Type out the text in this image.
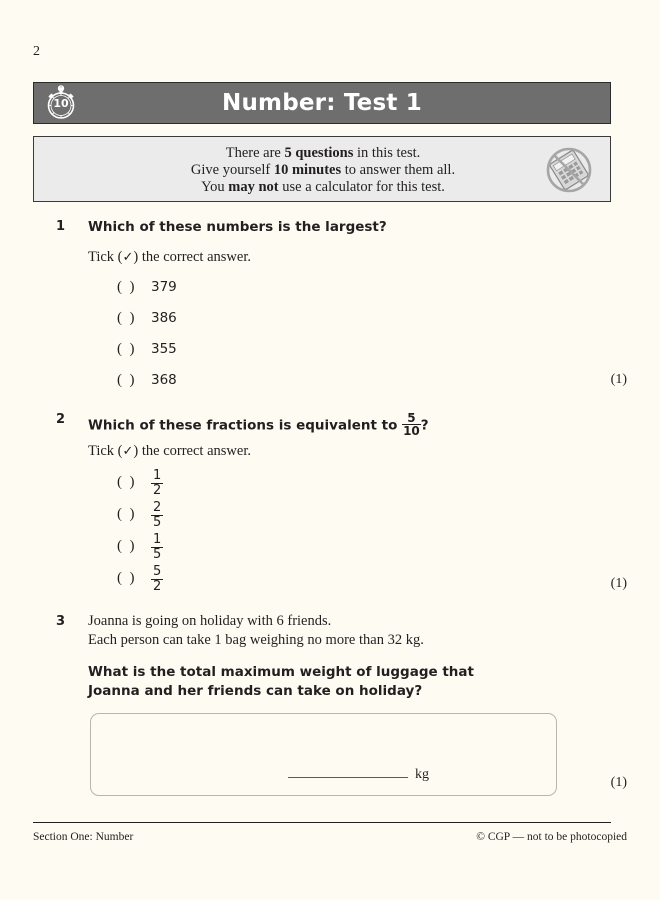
2
10	Number: Test 1
There are 5 questions in this test.
Give yourself 10 minutes to answer them all.
You may not use a calculator for this test.
1 Which of these numbers is the largest?
Tick (✓) the correct answer.
(  ) 379
(  ) 386
(  ) 355
(  ) 368	(1)
2 Which of these fractions is equivalent to $\frac{5}{10}$ ?
Tick (✓) the correct answer.
(  ) $\frac{1}{2}$
(  ) $\frac{2}{5}$
(  ) $\frac{1}{5}$
(  ) $\frac{5}{2}$	(1)
3 Joanna is going on holiday with 6 friends.
Each person can take 1 bag weighing no more than 32 kg.
What is the total maximum weight of luggage that
Joanna and her friends can take on holiday?
kg
(1)
Section One: Number	© CGP — not to be photocopied
